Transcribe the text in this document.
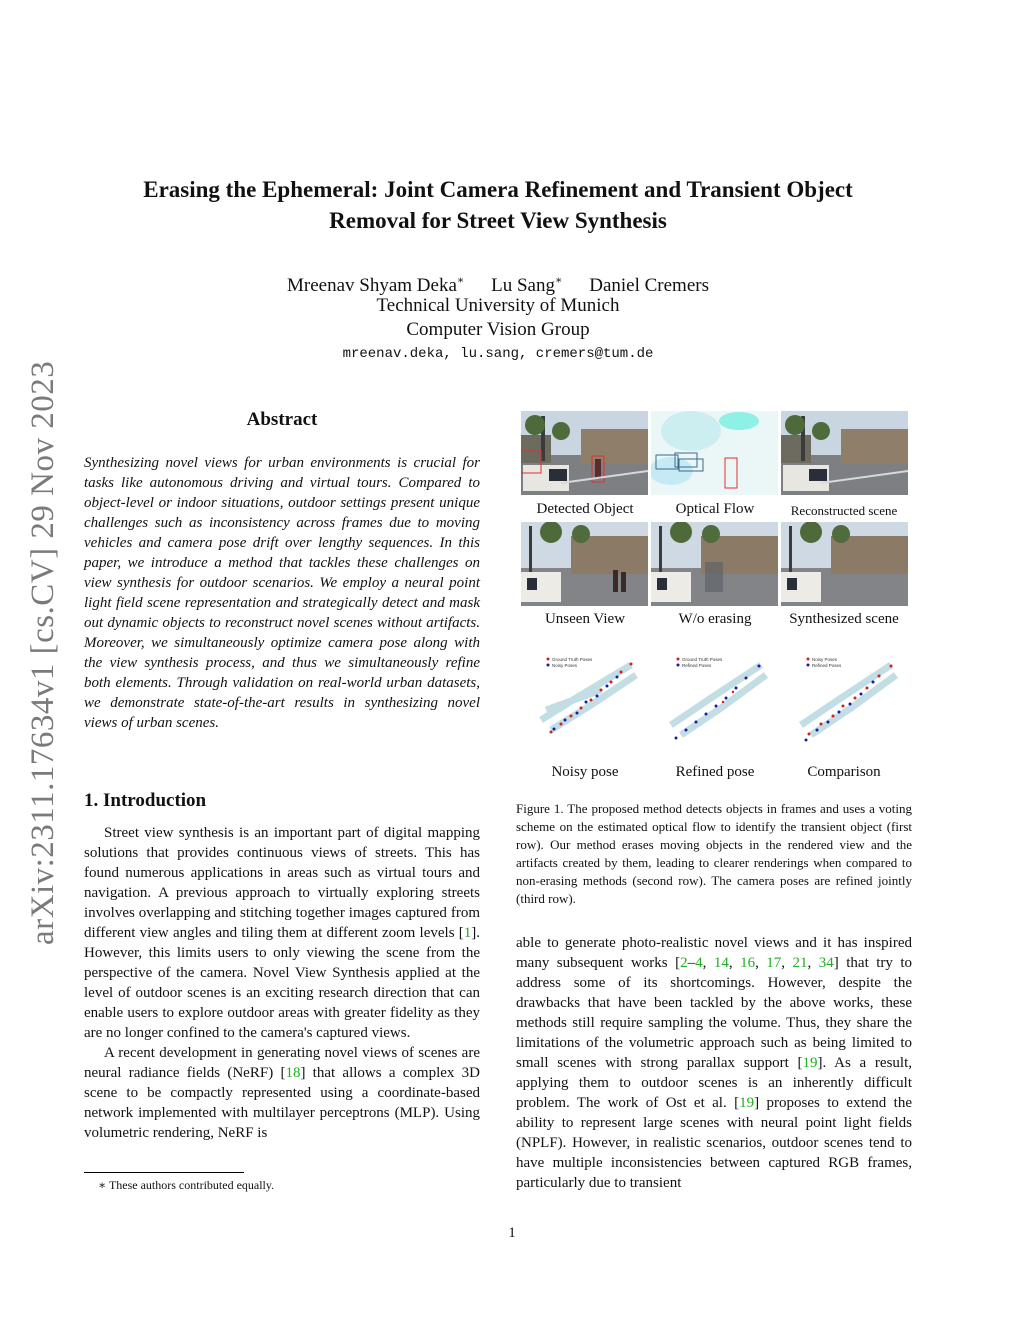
arXiv:2311.17634v1 [cs.CV] 29 Nov 2023
Erasing the Ephemeral: Joint Camera Refinement and Transient Object
Removal for Street View Synthesis
Mreenav Shyam Deka∗ Lu Sang∗ Daniel Cremers
Technical University of Munich
Computer Vision Group
mreenav.deka, lu.sang, cremers@tum.de
Abstract
Synthesizing novel views for urban environments is crucial for tasks like autonomous driving and virtual tours. Compared to object-level or indoor situations, outdoor settings present unique challenges such as inconsistency across frames due to moving vehicles and camera pose drift over lengthy sequences. In this paper, we introduce a method that tackles these challenges on view synthesis for outdoor scenarios. We employ a neural point light field scene representation and strategically detect and mask out dynamic objects to reconstruct novel scenes without artifacts. Moreover, we simultaneously optimize camera pose along with the view synthesis process, and thus we simultaneously refine both elements. Through validation on real-world urban datasets, we demonstrate state-of-the-art results in synthesizing novel views of urban scenes.
1. Introduction

Street view synthesis is an important part of digital mapping solutions that provides continuous views of streets. This has found numerous applications in areas such as virtual tours and navigation. A previous approach to virtually exploring streets involves overlapping and stitching together images captured from different view angles and tiling them at different zoom levels [1]. However, this limits users to only viewing the scene from the perspective of the camera. Novel View Synthesis applied at the level of outdoor scenes is an exciting research direction that can enable users to explore outdoor areas with greater fidelity as they are no longer confined to the camera's captured views.

A recent development in generating novel views of scenes are neural radiance fields (NeRF) [18] that allows a complex 3D scene to be compactly represented using a coordinate-based network implemented with multilayer perceptrons (MLP). Using volumetric rendering, NeRF is

∗ These authors contributed equally.

able to generate photo-realistic novel views and it has inspired many subsequent works [2–4, 14, 16, 17, 21, 34] that try to address some of its shortcomings. However, despite the drawbacks that have been tackled by the above works, these methods still require sampling the volume. Thus, they share the limitations of the volumetric approach such as being limited to small scenes with strong parallax support [19]. As a result, applying them to outdoor scenes is an inherently difficult problem. The work of Ost et al. [19] proposes to extend the ability to represent large scenes with neural point light fields (NPLF). However, in realistic scenarios, outdoor scenes tend to have multiple inconsistencies between captured RGB frames, particularly due to transient

1
Detected Object	Optical Flow	Reconstructed scene
Unseen View	W/o erasing	Synthesized scene
Ground Truth Poses
Noisy Poses
Ground Truth Poses
Refined Poses
Noisy Poses
Refined Poses
Noisy pose	Refined pose	Comparison
Figure 1. The proposed method detects objects in frames and uses a voting scheme on the estimated optical flow to identify the transient object (first row). Our method erases moving objects in the rendered view and the artifacts created by them, leading to clearer renderings when compared to non-erasing methods (second row). The camera poses are refined jointly (third row).
